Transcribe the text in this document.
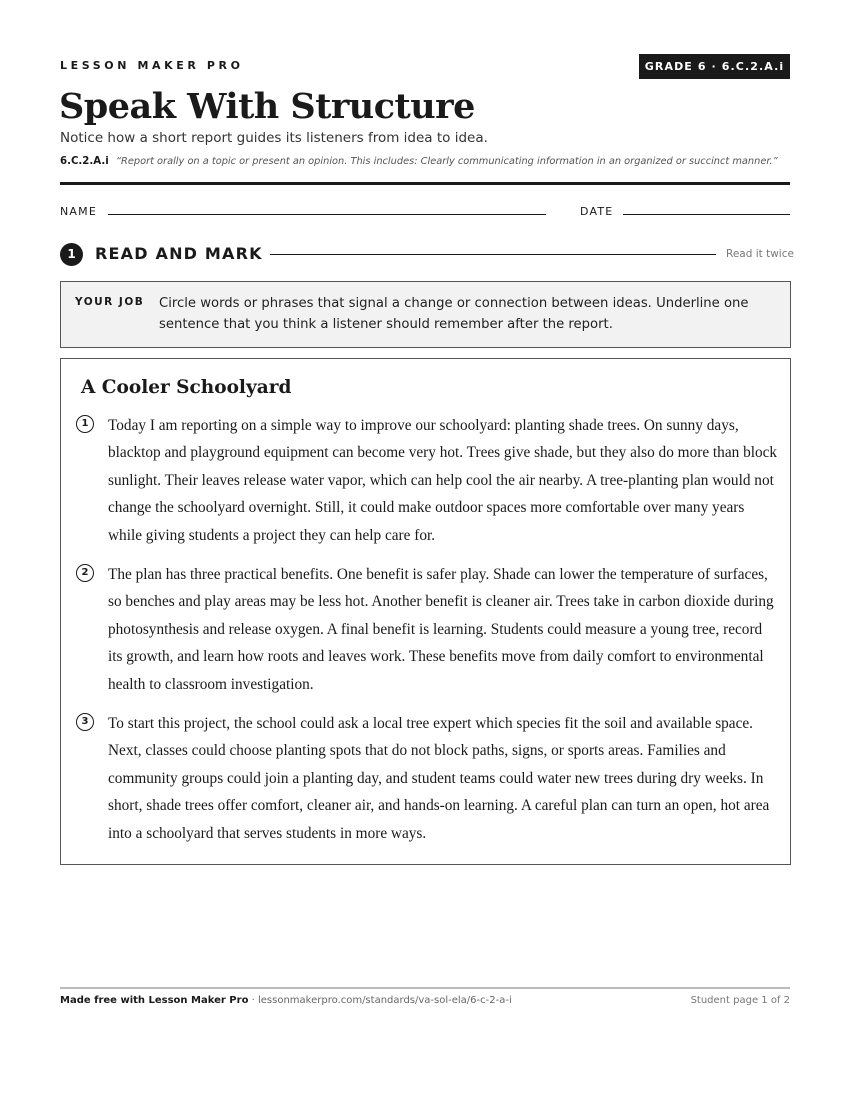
LESSON MAKER PRO	GRADE 6 · 6.C.2.A.i
Speak With Structure
Notice how a short report guides its listeners from idea to idea.
6.C.2.A.i “Report orally on a topic or present an opinion. This includes: Clearly communicating information in an organized or succinct manner.”
NAME	DATE
1	READ AND MARK	Read it twice
YOUR JOB Circle words or phrases that signal a change or connection between ideas. Underline one sentence that you think a listener should remember after the report.
A Cooler Schoolyard
1	Today I am reporting on a simple way to improve our schoolyard: planting shade trees. On sunny days, blacktop and playground equipment can become very hot. Trees give shade, but they also do more than block sunlight. Their leaves release water vapor, which can help cool the air nearby. A tree-planting plan would not change the schoolyard overnight. Still, it could make outdoor spaces more comfortable over many years while giving students a project they can help care for.
2	The plan has three practical benefits. One benefit is safer play. Shade can lower the temperature of surfaces, so benches and play areas may be less hot. Another benefit is cleaner air. Trees take in carbon dioxide during photosynthesis and release oxygen. A final benefit is learning. Students could measure a young tree, record its growth, and learn how roots and leaves work. These benefits move from daily comfort to environmental health to classroom investigation.
3	To start this project, the school could ask a local tree expert which species fit the soil and available space. Next, classes could choose planting spots that do not block paths, signs, or sports areas. Families and community groups could join a planting day, and student teams could water new trees during dry weeks. In short, shade trees offer comfort, cleaner air, and hands-on learning. A careful plan can turn an open, hot area into a schoolyard that serves students in more ways.
Made free with Lesson Maker Pro · lessonmakerpro.com/standards/va-sol-ela/6-c-2-a-i	Student page 1 of 2
